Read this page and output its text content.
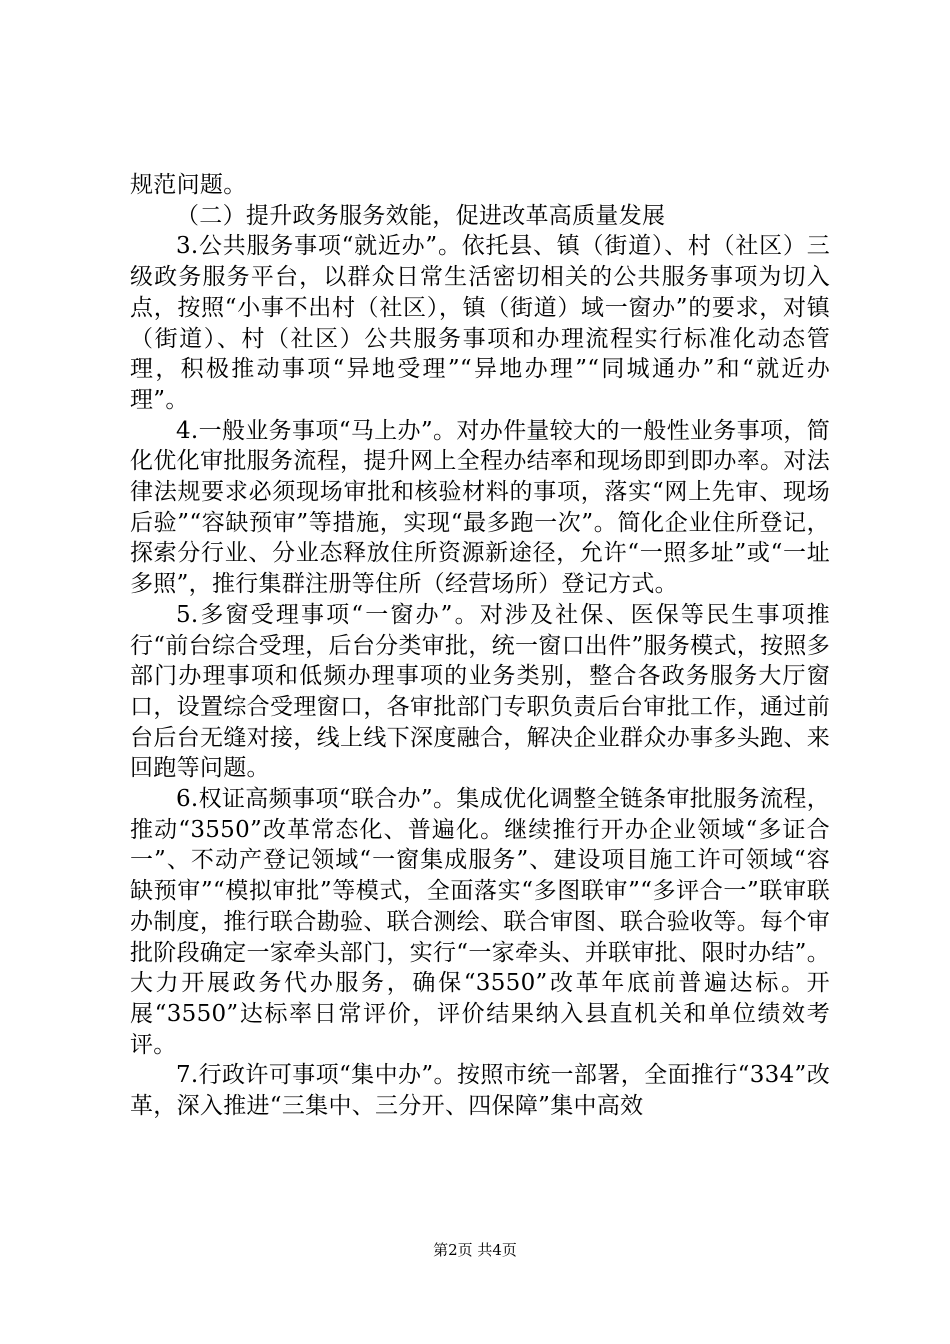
规范问题。

（二）提升政务服务效能，促进改革高质量发展

3.公共服务事项“就近办”。依托县、镇（街道）、村（社区）三级政务服务平台，以群众日常生活密切相关的公共服务事项为切入点，按照“小事不出村（社区），镇（街道）域一窗办”的要求，对镇（街道）、村（社区）公共服务事项和办理流程实行标准化动态管理，积极推动事项“异地受理”“异地办理”“同城通办”和“就近办理”。

4.一般业务事项“马上办”。对办件量较大的一般性业务事项，简化优化审批服务流程，提升网上全程办结率和现场即到即办率。对法律法规要求必须现场审批和核验材料的事项，落实“网上先审、现场后验”“容缺预审”等措施，实现“最多跑一次”。简化企业住所登记，探索分行业、分业态释放住所资源新途径，允许“一照多址”或“一址多照”，推行集群注册等住所（经营场所）登记方式。

5.多窗受理事项“一窗办”。对涉及社保、医保等民生事项推行“前台综合受理，后台分类审批，统一窗口出件”服务模式，按照多部门办理事项和低频办理事项的业务类别，整合各政务服务大厅窗口，设置综合受理窗口，各审批部门专职负责后台审批工作，通过前台后台无缝对接，线上线下深度融合，解决企业群众办事多头跑、来回跑等问题。

6.权证高频事项“联合办”。集成优化调整全链条审批服务流程，推动“3550”改革常态化、普遍化。继续推行开办企业领域“多证合一”、不动产登记领域“一窗集成服务”、建设项目施工许可领域“容缺预审”“模拟审批”等模式，全面落实“多图联审”“多评合一”联审联办制度，推行联合勘验、联合测绘、联合审图、联合验收等。每个审批阶段确定一家牵头部门，实行“一家牵头、并联审批、限时办结”。大力开展政务代办服务，确保“3550”改革年底前普遍达标。开展“3550”达标率日常评价，评价结果纳入县直机关和单位绩效考评。

7.行政许可事项“集中办”。按照市统一部署，全面推行“334”改革，深入推进“三集中、三分开、四保障”集中高效

第2页 共4页
